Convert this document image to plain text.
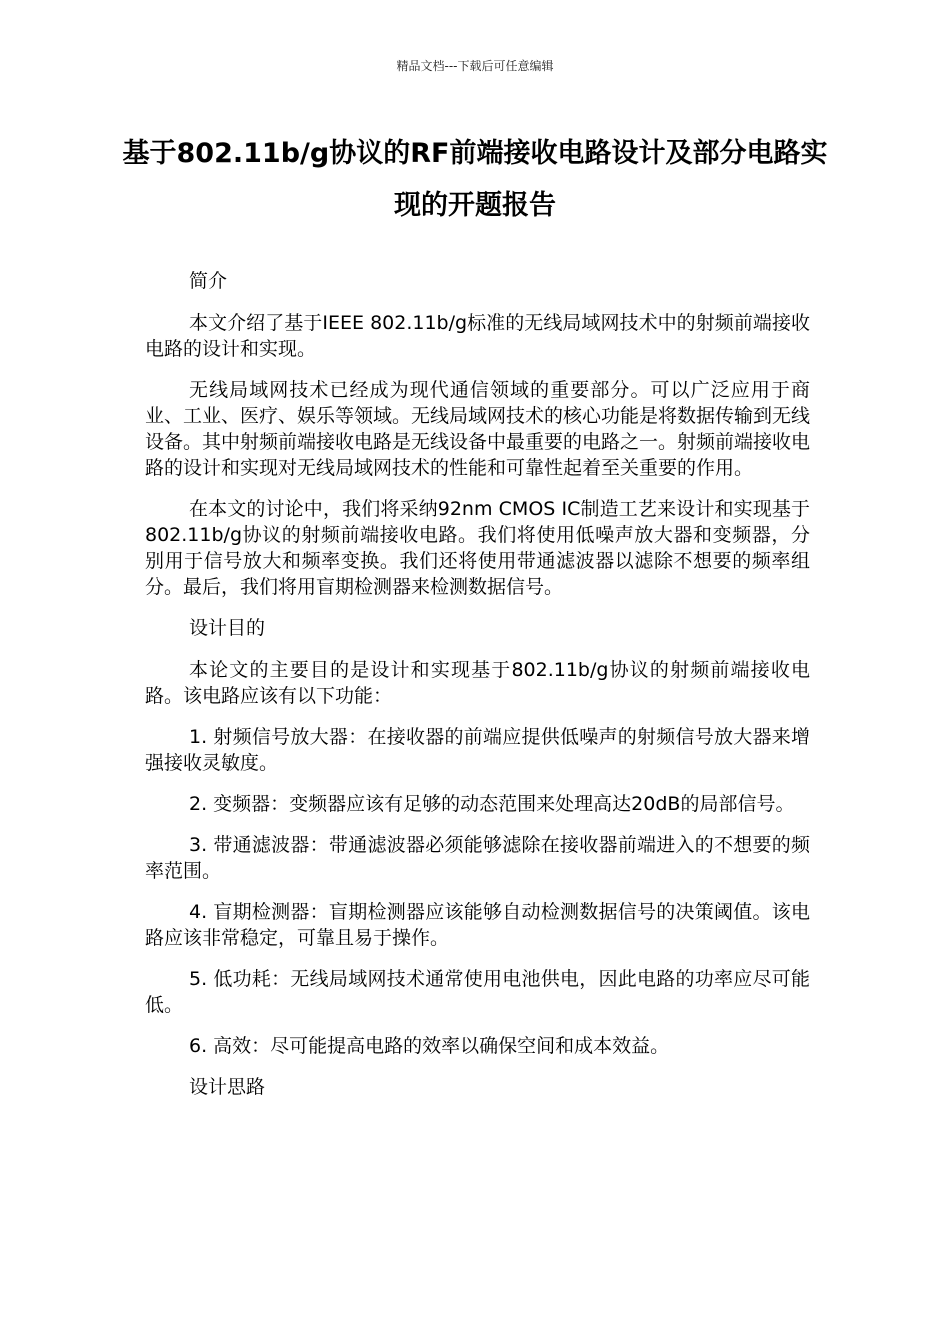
精品文档---下载后可任意编辑
基于802.11b/g协议的RF前端接收电路设计及部分电路实现的开题报告

简介

本文介绍了基于IEEE 802.11b/g标准的无线局域网技术中的射频前端接收电路的设计和实现。

无线局域网技术已经成为现代通信领域的重要部分。可以广泛应用于商业、工业、医疗、娱乐等领域。无线局域网技术的核心功能是将数据传输到无线设备。其中射频前端接收电路是无线设备中最重要的电路之一。射频前端接收电路的设计和实现对无线局域网技术的性能和可靠性起着至关重要的作用。

在本文的讨论中，我们将采纳92nm CMOS IC制造工艺来设计和实现基于802.11b/g协议的射频前端接收电路。我们将使用低噪声放大器和变频器，分别用于信号放大和频率变换。我们还将使用带通滤波器以滤除不想要的频率组分。最后，我们将用盲期检测器来检测数据信号。

设计目的

本论文的主要目的是设计和实现基于802.11b/g协议的射频前端接收电路。该电路应该有以下功能：

1. 射频信号放大器：在接收器的前端应提供低噪声的射频信号放大器来增强接收灵敏度。

2. 变频器：变频器应该有足够的动态范围来处理高达20dB的局部信号。

3. 带通滤波器：带通滤波器必须能够滤除在接收器前端进入的不想要的频率范围。

4. 盲期检测器：盲期检测器应该能够自动检测数据信号的决策阈值。该电路应该非常稳定，可靠且易于操作。

5. 低功耗：无线局域网技术通常使用电池供电，因此电路的功率应尽可能低。

6. 高效：尽可能提高电路的效率以确保空间和成本效益。

设计思路
